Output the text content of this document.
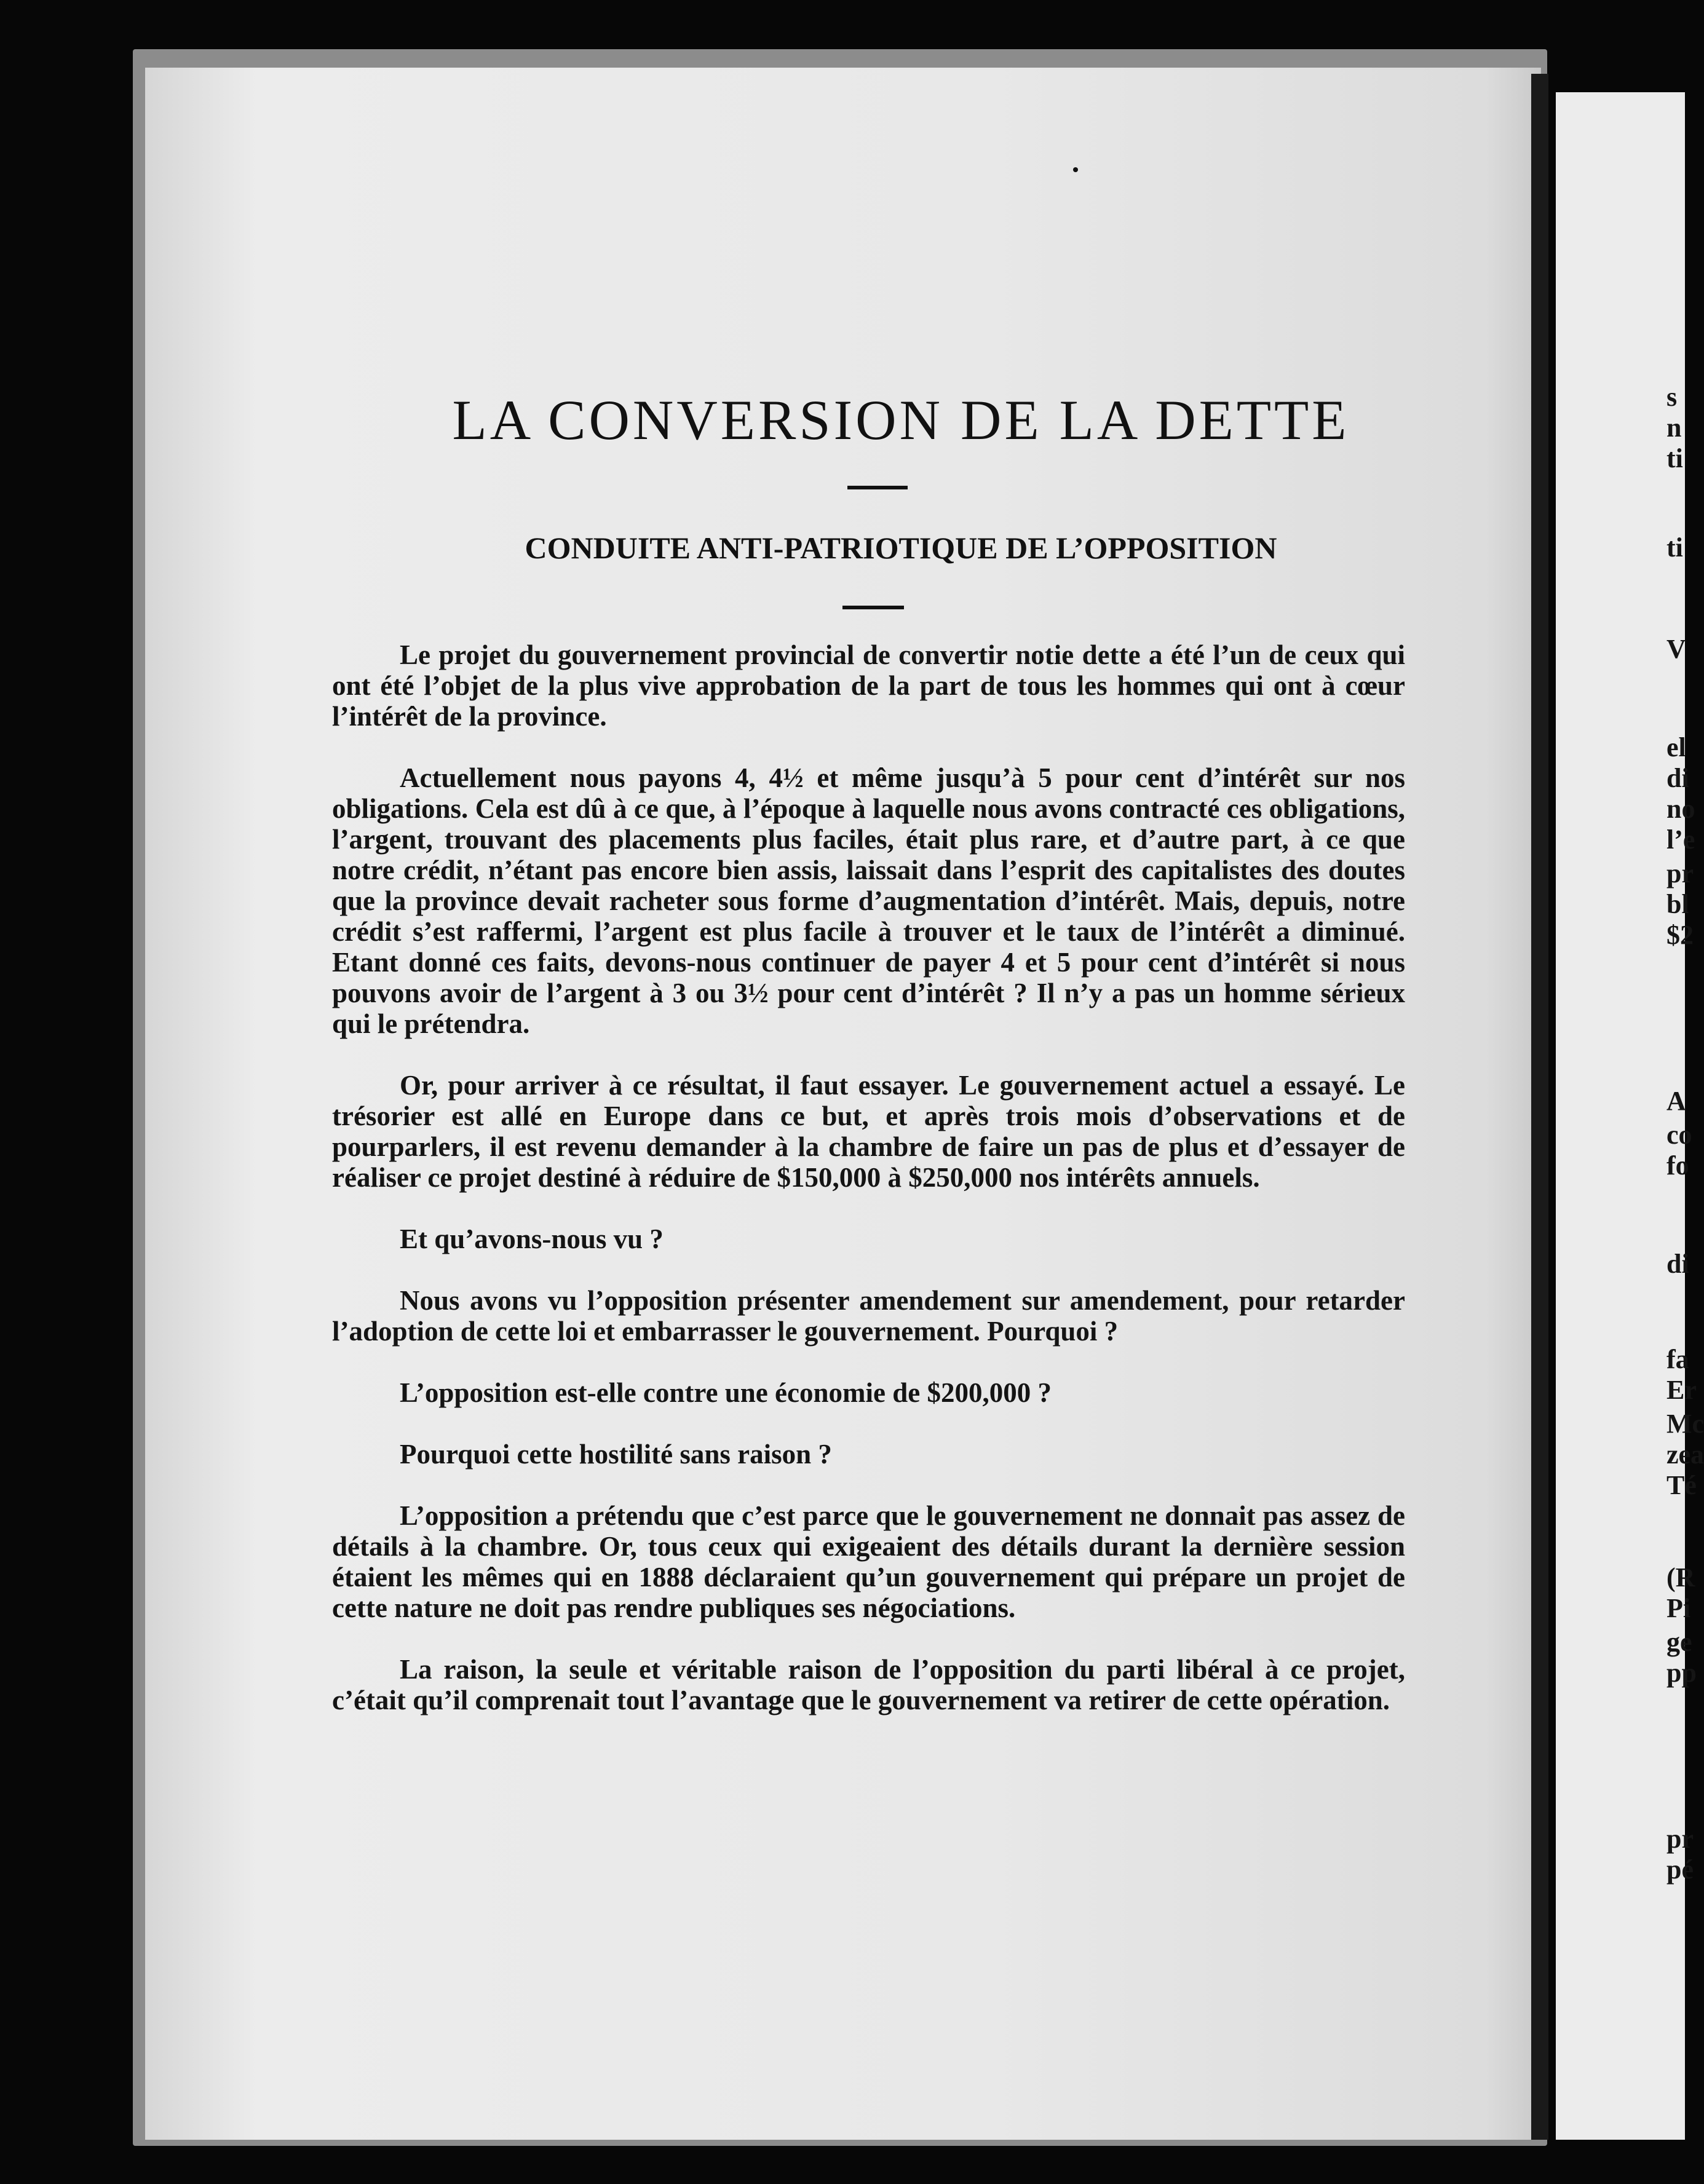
s
n
ti
ti
V
el
di
no
l’e
pr
bl
$2
A
co
fo
di
fa
Er
Mc
zea
Té
(R
Pi
ge
pp
pr
pé
LA CONVERSION DE LA DETTE
CONDUITE ANTI-PATRIOTIQUE DE L’OPPOSITION

Le projet du gouvernement provincial de convertir notie dette a été l’un de ceux qui ont été l’objet de la plus vive approbation de la part de tous les hommes qui ont à cœur l’intérêt de la province.

Actuellement nous payons 4, 4½ et même jusqu’à 5 pour cent d’intérêt sur nos obligations. Cela est dû à ce que, à l’époque à laquelle nous avons contracté ces obligations, l’argent, trouvant des placements plus faciles, était plus rare, et d’autre part, à ce que notre crédit, n’étant pas encore bien assis, laissait dans l’esprit des capitalistes des doutes que la province devait racheter sous forme d’augmentation d’intérêt. Mais, depuis, notre crédit s’est raffermi, l’argent est plus facile à trouver et le taux de l’intérêt a diminué. Etant donné ces faits, devons-nous continuer de payer 4 et 5 pour cent d’intérêt si nous pouvons avoir de l’argent à 3 ou 3½ pour cent d’intérêt ? Il n’y a pas un homme sérieux qui le prétendra.

Or, pour arriver à ce résultat, il faut essayer. Le gouvernement actuel a essayé. Le trésorier est allé en Europe dans ce but, et après trois mois d’observations et de pourparlers, il est revenu demander à la chambre de faire un pas de plus et d’essayer de réaliser ce projet destiné à réduire de $150,000 à $250,000 nos intérêts annuels.

Et qu’avons-nous vu ?

Nous avons vu l’opposition présenter amendement sur amendement, pour retarder l’adoption de cette loi et embarrasser le gouvernement. Pourquoi ?

L’opposition est-elle contre une économie de $200,000 ?

Pourquoi cette hostilité sans raison ?

L’opposition a prétendu que c’est parce que le gouvernement ne donnait pas assez de détails à la chambre. Or, tous ceux qui exigeaient des détails durant la dernière session étaient les mêmes qui en 1888 déclaraient qu’un gouvernement qui prépare un projet de cette nature ne doit pas rendre publiques ses négociations.

La raison, la seule et véritable raison de l’opposition du parti libéral à ce projet, c’était qu’il comprenait tout l’avantage que le gouvernement va retirer de cette opération.
